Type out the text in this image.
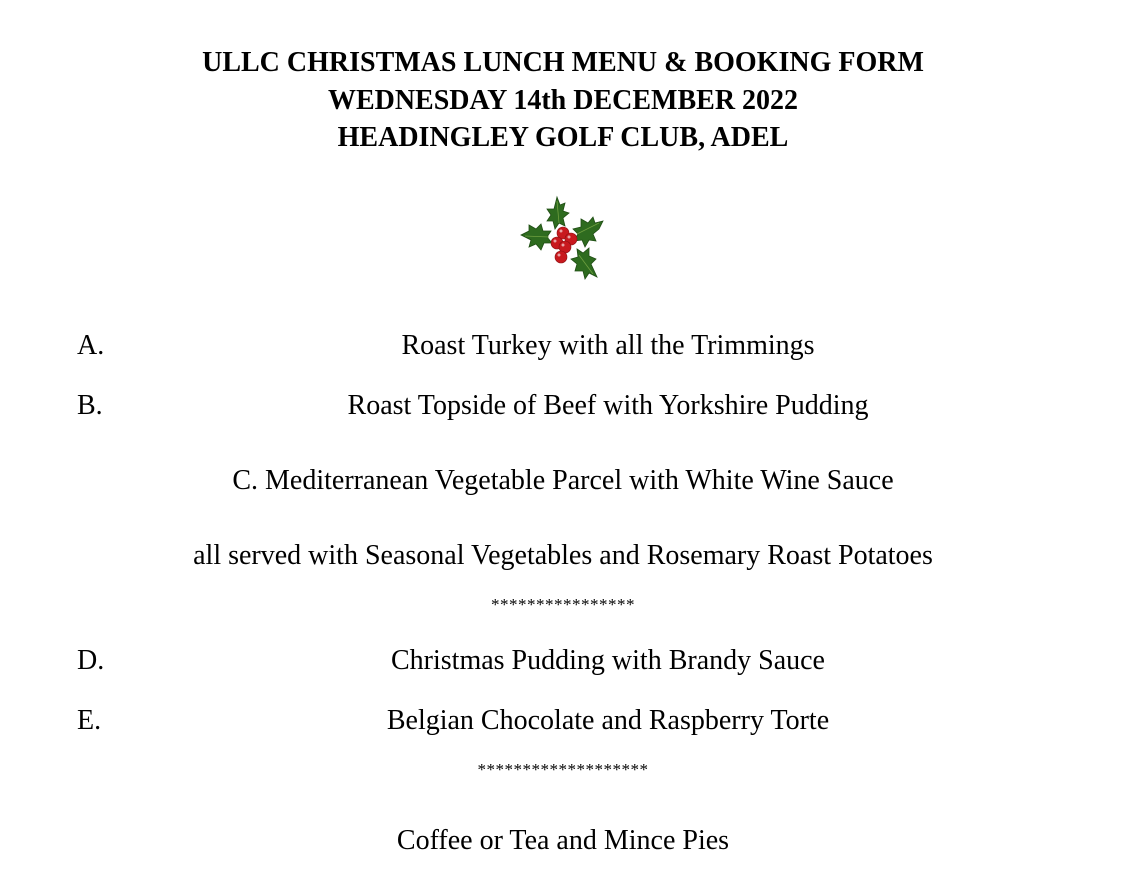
ULLC CHRISTMAS LUNCH MENU & BOOKING FORM
WEDNESDAY 14th DECEMBER 2022
HEADINGLEY GOLF CLUB, ADEL
A.	Roast Turkey with all the Trimmings
B.	Roast Topside of Beef with Yorkshire Pudding
C. Mediterranean Vegetable Parcel with White Wine Sauce
all served with Seasonal Vegetables and Rosemary Roast Potatoes
****************
D.	Christmas Pudding with Brandy Sauce
E.	Belgian Chocolate and Raspberry Torte
*******************
Coffee or Tea and Mince Pies
